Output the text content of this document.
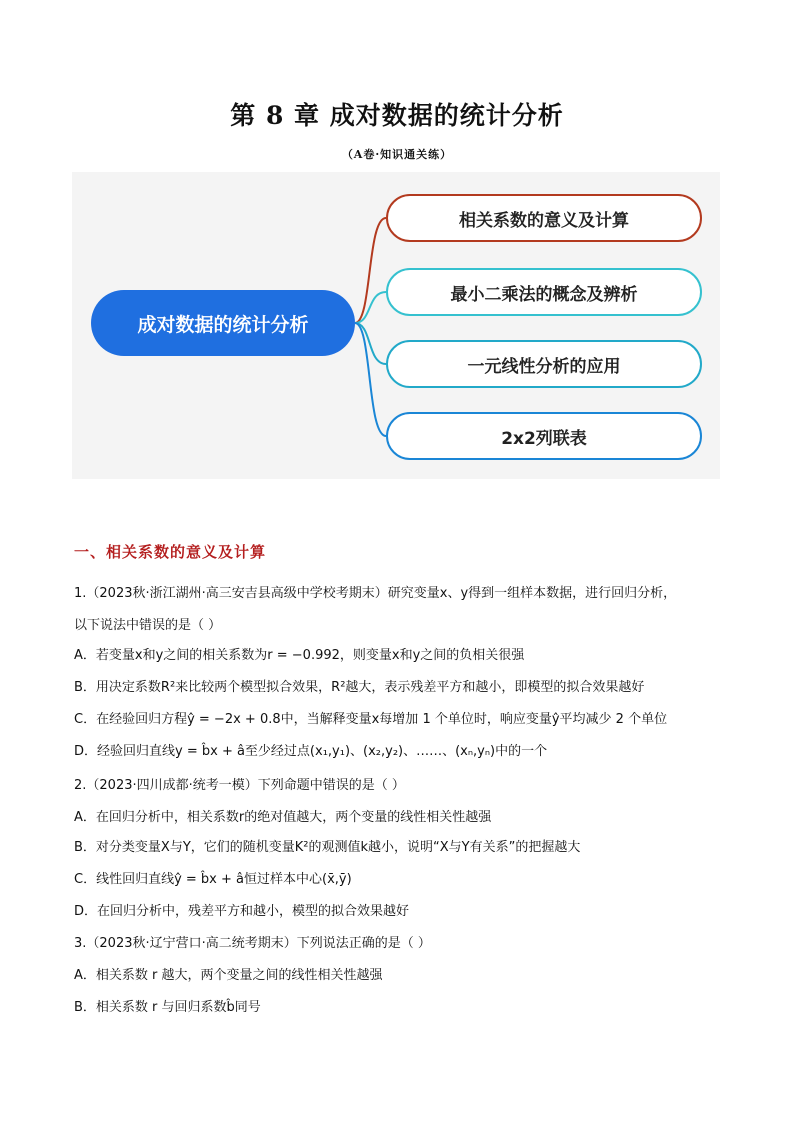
第 8 章 成对数据的统计分析
（A卷·知识通关练）
成对数据的统计分析
相关系数的意义及计算
最小二乘法的概念及辨析
一元线性分析的应用
2x2列联表
一、相关系数的意义及计算
1.（2023秋·浙江湖州·高三安吉县高级中学校考期末）研究变量x、y得到一组样本数据，进行回归分析，
以下说法中错误的是（ ）
A．若变量x和y之间的相关系数为r = −0.992，则变量x和y之间的负相关很强
B．用决定系数R²来比较两个模型拟合效果，R²越大，表示残差平方和越小，即模型的拟合效果越好
C．在经验回归方程ŷ = −2x + 0.8中，当解释变量x每增加 1 个单位时，响应变量ŷ平均减少 2 个单位
D．经验回归直线y = b̂x + â至少经过点(x₁,y₁)、(x₂,y₂)、……、(xₙ,yₙ)中的一个
2.（2023·四川成都·统考一模）下列命题中错误的是（ ）
A．在回归分析中，相关系数r的绝对值越大，两个变量的线性相关性越强
B．对分类变量X与Y，它们的随机变量K²的观测值k越小，说明“X与Y有关系”的把握越大
C．线性回归直线ŷ = b̂x + â恒过样本中心(x̄,ȳ)
D．在回归分析中，残差平方和越小，模型的拟合效果越好
3.（2023秋·辽宁营口·高二统考期末）下列说法正确的是（ ）
A．相关系数 r 越大，两个变量之间的线性相关性越强
B．相关系数 r 与回归系数b̂同号
